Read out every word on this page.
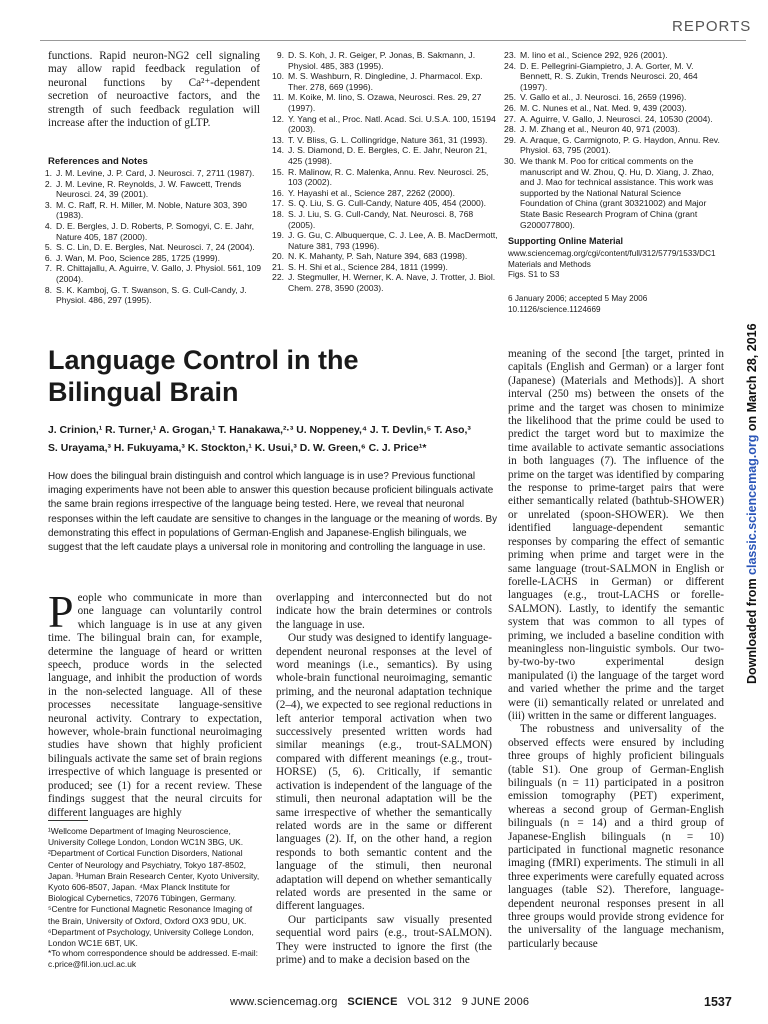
REPORTS
functions. Rapid neuron-NG2 cell signaling may allow rapid feedback regulation of neuronal functions by Ca²⁺-dependent secretion of neuroactive factors, and the strength of such feedback regulation will increase after the induction of gLTP.
References and Notes
1. J. M. Levine, J. P. Card, J. Neurosci. 7, 2711 (1987).
2. J. M. Levine, R. Reynolds, J. W. Fawcett, Trends Neurosci. 24, 39 (2001).
3. M. C. Raff, R. H. Miller, M. Noble, Nature 303, 390 (1983).
4. D. E. Bergles, J. D. Roberts, P. Somogyi, C. E. Jahr, Nature 405, 187 (2000).
5. S. C. Lin, D. E. Bergles, Nat. Neurosci. 7, 24 (2004).
6. J. Wan, M. Poo, Science 285, 1725 (1999).
7. R. Chittajallu, A. Aguirre, V. Gallo, J. Physiol. 561, 109 (2004).
8. S. K. Kamboj, G. T. Swanson, S. G. Cull-Candy, J. Physiol. 486, 297 (1995).
9. D. S. Koh, J. R. Geiger, P. Jonas, B. Sakmann, J. Physiol. 485, 383 (1995).
10. M. S. Washburn, R. Dingledine, J. Pharmacol. Exp. Ther. 278, 669 (1996).
11. M. Koike, M. Iino, S. Ozawa, Neurosci. Res. 29, 27 (1997).
12. Y. Yang et al., Proc. Natl. Acad. Sci. U.S.A. 100, 15194 (2003).
13. T. V. Bliss, G. L. Collingridge, Nature 361, 31 (1993).
14. J. S. Diamond, D. E. Bergles, C. E. Jahr, Neuron 21, 425 (1998).
15. R. Malinow, R. C. Malenka, Annu. Rev. Neurosci. 25, 103 (2002).
16. Y. Hayashi et al., Science 287, 2262 (2000).
17. S. Q. Liu, S. G. Cull-Candy, Nature 405, 454 (2000).
18. S. J. Liu, S. G. Cull-Candy, Nat. Neurosci. 8, 768 (2005).
19. J. G. Gu, C. Albuquerque, C. J. Lee, A. B. MacDermott, Nature 381, 793 (1996).
20. N. K. Mahanty, P. Sah, Nature 394, 683 (1998).
21. S. H. Shi et al., Science 284, 1811 (1999).
22. J. Stegmuller, H. Werner, K. A. Nave, J. Trotter, J. Biol. Chem. 278, 3590 (2003).
23. M. Iino et al., Science 292, 926 (2001).
24. D. E. Pellegrini-Giampietro, J. A. Gorter, M. V. Bennett, R. S. Zukin, Trends Neurosci. 20, 464 (1997).
25. V. Gallo et al., J. Neurosci. 16, 2659 (1996).
26. M. C. Nunes et al., Nat. Med. 9, 439 (2003).
27. A. Aguirre, V. Gallo, J. Neurosci. 24, 10530 (2004).
28. J. M. Zhang et al., Neuron 40, 971 (2003).
29. A. Araque, G. Carmignoto, P. G. Haydon, Annu. Rev. Physiol. 63, 795 (2001).
30. We thank M. Poo for critical comments on the manuscript and W. Zhou, Q. Hu, D. Xiang, J. Zhao, and J. Mao for technical assistance. This work was supported by the National Natural Science Foundation of China (grant 30321002) and Major State Basic Research Program of China (grant G200077800).
Supporting Online Material
www.sciencemag.org/cgi/content/full/312/5779/1533/DC1
Materials and Methods
Figs. S1 to S3
6 January 2006; accepted 5 May 2006
10.1126/science.1124669
Language Control in the
Bilingual Brain
J. Crinion,¹ R. Turner,¹ A. Grogan,¹ T. Hanakawa,²·³ U. Noppeney,⁴ J. T. Devlin,⁵ T. Aso,³
S. Urayama,³ H. Fukuyama,³ K. Stockton,¹ K. Usui,³ D. W. Green,⁶ C. J. Price¹*
How does the bilingual brain distinguish and control which language is in use? Previous functional imaging experiments have not been able to answer this question because proficient bilinguals activate the same brain regions irrespective of the language being tested. Here, we reveal that neuronal responses within the left caudate are sensitive to changes in the language or the meaning of words. By demonstrating this effect in populations of German-English and Japanese-English bilinguals, we suggest that the left caudate plays a universal role in monitoring and controlling the language in use.
P eople who communicate in more than one language can voluntarily control which language is in use at any given time. The bilingual brain can, for example, determine the language of heard or written speech, produce words in the selected language, and inhibit the production of words in the non-selected language. All of these processes necessitate language-sensitive neuronal activity. Contrary to expectation, however, whole-brain functional neuroimaging studies have shown that highly proficient bilinguals activate the same set of brain regions irrespective of which language is presented or produced; see (1) for a recent review. These findings suggest that the neural circuits for different languages are highly
¹Wellcome Department of Imaging Neuroscience, University College London, London WC1N 3BG, UK. ²Department of Cortical Function Disorders, National Center of Neurology and Psychiatry, Tokyo 187-8502, Japan. ³Human Brain Research Center, Kyoto University, Kyoto 606-8507, Japan. ⁴Max Planck Institute for Biological Cybernetics, 72076 Tübingen, Germany. ⁵Centre for Functional Magnetic Resonance Imaging of the Brain, University of Oxford, Oxford OX3 9DU, UK. ⁶Department of Psychology, University College London, London WC1E 6BT, UK.
*To whom correspondence should be addressed. E-mail: c.price@fil.ion.ucl.ac.uk
overlapping and interconnected but do not indicate how the brain determines or controls the language in use.
Our study was designed to identify language-dependent neuronal responses at the level of word meanings (i.e., semantics). By using whole-brain functional neuroimaging, semantic priming, and the neuronal adaptation technique (2–4), we expected to see regional reductions in left anterior temporal activation when two successively presented written words had similar meanings (e.g., trout-SALMON) compared with different meanings (e.g., trout-HORSE) (5, 6). Critically, if semantic activation is independent of the language of the stimuli, then neuronal adaptation will be the same irrespective of whether the semantically related words are in the same or different languages (2). If, on the other hand, a region responds to both semantic content and the language of the stimuli, then neuronal adaptation will depend on whether semantically related words are presented in the same or different languages.
Our participants saw visually presented sequential word pairs (e.g., trout-SALMON). They were instructed to ignore the first (the prime) and to make a decision based on the
meaning of the second [the target, printed in capitals (English and German) or a larger font (Japanese) (Materials and Methods)]. A short interval (250 ms) between the onsets of the prime and the target was chosen to minimize the likelihood that the prime could be used to predict the target word but to maximize the time available to activate semantic associations in both languages (7). The influence of the prime on the target was identified by comparing the response to prime-target pairs that were either semantically related (bathtub-SHOWER) or unrelated (spoon-SHOWER). We then identified language-dependent semantic responses by comparing the effect of semantic priming when prime and target were in the same language (trout-SALMON in English or forelle-LACHS in German) or different languages (e.g., trout-LACHS or forelle-SALMON). Lastly, to identify the semantic system that was common to all types of priming, we included a baseline condition with meaningless non-linguistic symbols. Our two-by-two-by-two experimental design manipulated (i) the language of the target word and varied whether the prime and the target were (ii) semantically related or unrelated and (iii) written in the same or different languages.
The robustness and universality of the observed effects were ensured by including three groups of highly proficient bilinguals (table S1). One group of German-English bilinguals (n = 11) participated in a positron emission tomography (PET) experiment, whereas a second group of German-English bilinguals (n = 14) and a third group of Japanese-English bilinguals (n = 10) participated in functional magnetic resonance imaging (fMRI) experiments. The stimuli in all three experiments were carefully equated across languages (table S2). Therefore, language-dependent neuronal responses present in all three groups would provide strong evidence for the universality of the language mechanism, particularly because
Downloaded from classic.sciencemag.org on March 28, 2016
www.sciencemag.org SCIENCE VOL 312 9 JUNE 2006	1537
